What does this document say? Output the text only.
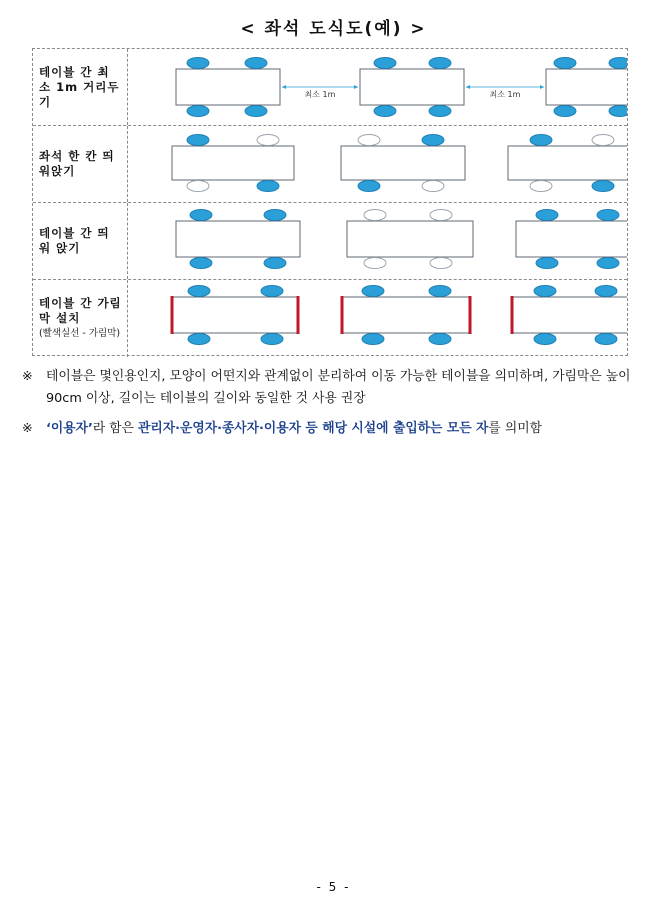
< 좌석 도식도(예) >
테이블 간 최
소 1m 거리두
기	최소 1m	최소 1m
좌석 한 칸 띄
워앉기
테이블 간 띄
워 앉기
테이블 간 가림
막 설치
(빨색실선 - 가림막)
※ 테이블은 몇인용인지, 모양이 어떤지와 관계없이 분리하여 이동 가능한 테이블을 의미하며, 가림막은 높이 90cm 이상, 길이는 테이블의 길이와 동일한 것 사용 권장
※ ‘이용자’라 함은 관리자·운영자·종사자·이용자 등 해당 시설에 출입하는 모든 자를 의미함
- 5 -
